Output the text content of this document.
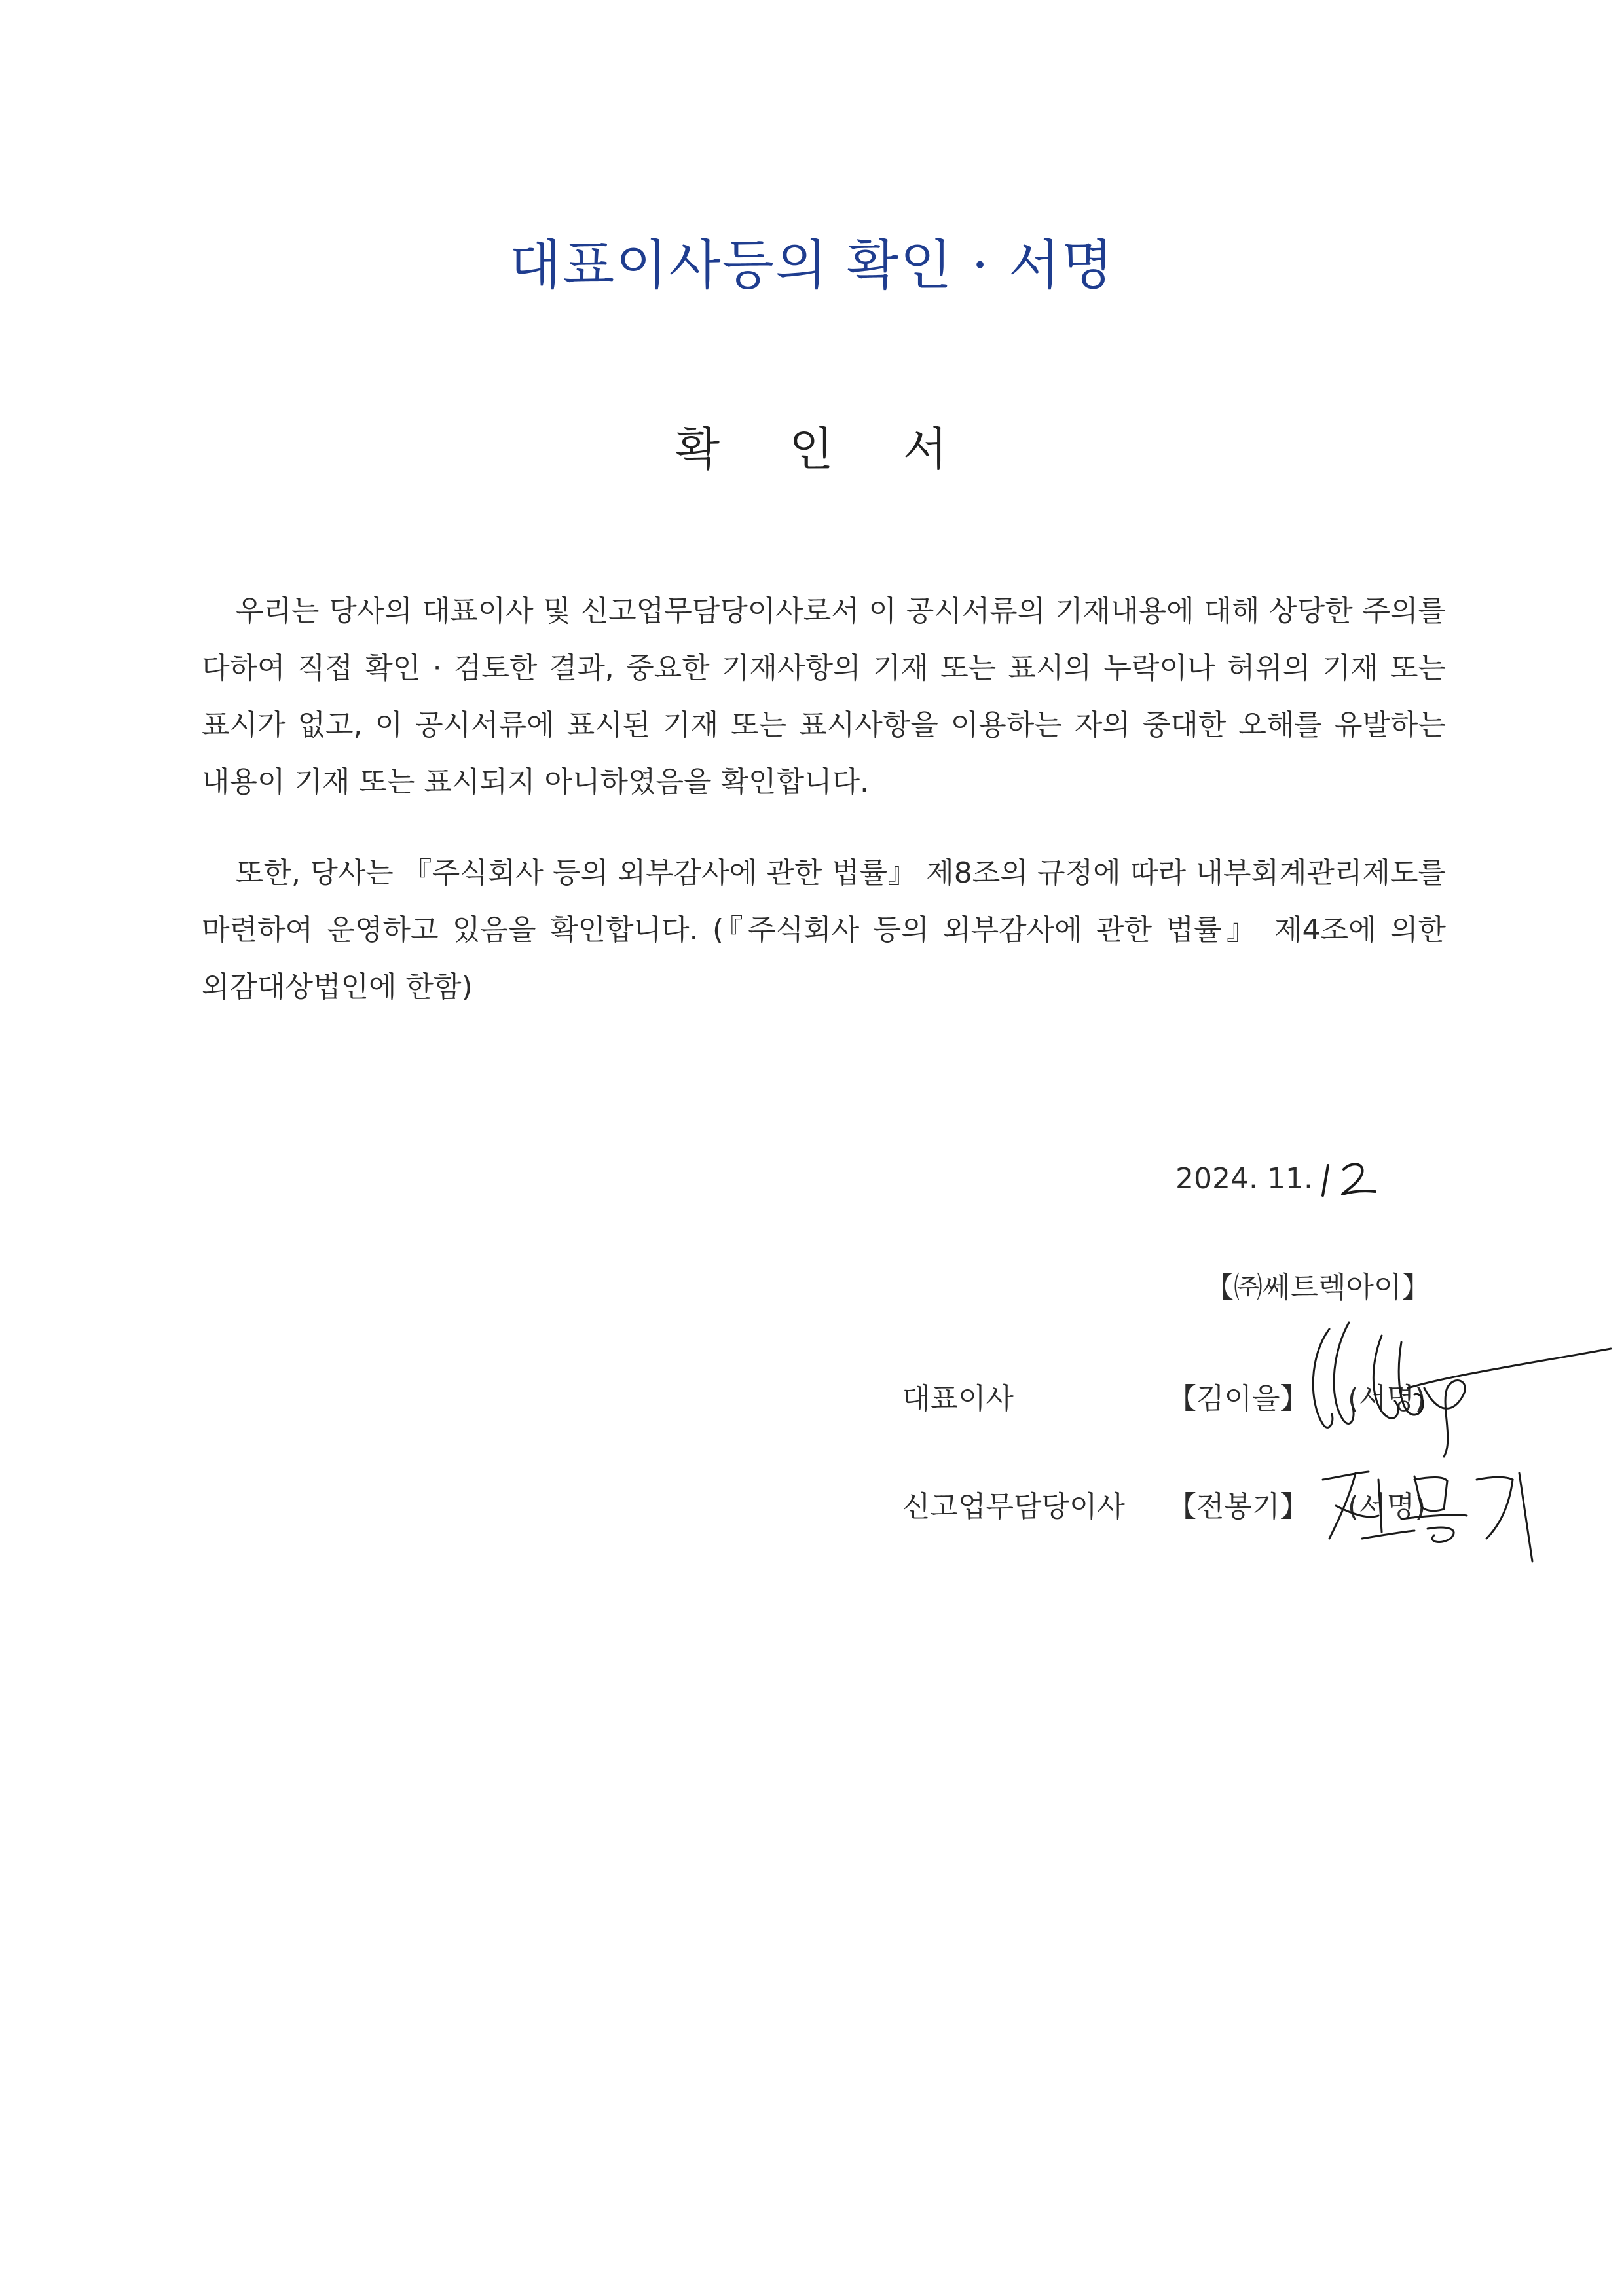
대표이사등의 확인 · 서명
확 인 서

우리는 당사의 대표이사 및 신고업무담당이사로서 이 공시서류의 기재내용에 대해 상당한 주의를 다하여 직접 확인 · 검토한 결과, 중요한 기재사항의 기재 또는 표시의 누락이나 허위의 기재 또는 표시가 없고, 이 공시서류에 표시된 기재 또는 표시사항을 이용하는 자의 중대한 오해를 유발하는 내용이 기재 또는 표시되지 아니하였음을 확인합니다.

또한, 당사는 『주식회사 등의 외부감사에 관한 법률』 제8조의 규정에 따라 내부회계관리제도를 마련하여 운영하고 있음을 확인합니다. (『주식회사 등의 외부감사에 관한 법률』 제4조에 의한 외감대상법인에 한함)

2024. 11.
【㈜쎄트렉아이】
대표이사	【김이을】 (서명)
신고업무담당이사 【전봉기】 (서명)
